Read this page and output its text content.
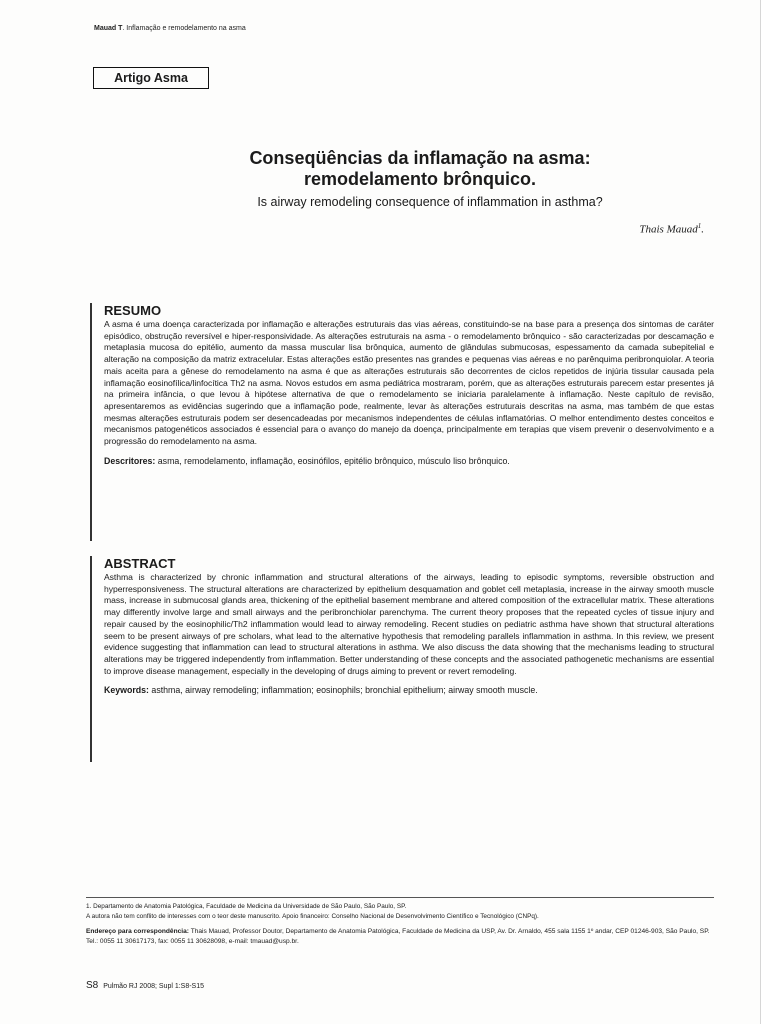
Mauad T. Inflamação e remodelamento na asma
Artigo Asma
Conseqüências da inflamação na asma:
remodelamento brônquico.
Is airway remodeling consequence of inflammation in asthma?
Thais Mauad$^1$.
RESUMO

A asma é uma doença caracterizada por inflamação e alterações estruturais das vias aéreas, constituindo-se na base para a presença dos sintomas de caráter episódico, obstrução reversível e hiper-responsividade. As alterações estruturais na asma - o remodelamento brônquico - são caracterizadas por descamação e metaplasia mucosa do epitélio, aumento da massa muscular lisa brônquica, aumento de glândulas submucosas, espessamento da camada subepitelial e alteração na composição da matriz extracelular. Estas alterações estão presentes nas grandes e pequenas vias aéreas e no parênquima peribronquiolar. A teoria mais aceita para a gênese do remodelamento na asma é que as alterações estruturais são decorrentes de ciclos repetidos de injúria tissular causada pela inflamação eosinofílica/linfocítica Th2 na asma. Novos estudos em asma pediátrica mostraram, porém, que as alterações estruturais parecem estar presentes já na primeira infância, o que levou à hipótese alternativa de que o remodelamento se iniciaria paralelamente à inflamação. Neste capítulo de revisão, apresentaremos as evidências sugerindo que a inflamação pode, realmente, levar às alterações estruturais descritas na asma, mas também de que estas mesmas alterações estruturais podem ser desencadeadas por mecanismos independentes de células inflamatórias. O melhor entendimento destes conceitos e mecanismos patogenéticos associados é essencial para o avanço do manejo da doença, principalmente em terapias que visem prevenir o desenvolvimento e a progressão do remodelamento na asma.

Descritores: asma, remodelamento, inflamação, eosinófilos, epitélio brônquico, músculo liso brônquico.
ABSTRACT

Asthma is characterized by chronic inflammation and structural alterations of the airways, leading to episodic symptoms, reversible obstruction and hyperresponsiveness. The structural alterations are characterized by epithelium desquamation and goblet cell metaplasia, increase in the airway smooth muscle mass, increase in submucosal glands area, thickening of the epithelial basement membrane and altered composition of the extracellular matrix. These alterations may differently involve large and small airways and the peribronchiolar parenchyma. The current theory proposes that the repeated cycles of tissue injury and repair caused by the eosinophilic/Th2 inflammation would lead to airway remodeling. Recent studies on pediatric asthma have shown that structural alterations seem to be present airways of pre scholars, what lead to the alternative hypothesis that remodeling parallels inflammation in asthma. In this review, we present evidence suggesting that inflammation can lead to structural alterations in asthma. We also discuss the data showing that the mechanisms leading to structural alterations may be triggered independently from inflammation. Better understanding of these concepts and the associated pathogenetic mechanisms are essential to improve disease management, especially in the developing of drugs aiming to prevent or revert remodeling.

Keywords: asthma, airway remodeling; inflammation; eosinophils; bronchial epithelium; airway smooth muscle.

1. Departamento de Anatomia Patológica, Faculdade de Medicina da Universidade de São Paulo, São Paulo, SP.

A autora não tem conflito de interesses com o teor deste manuscrito. Apoio financeiro: Conselho Nacional de Desenvolvimento Científico e Tecnológico (CNPq).

Endereço para correspondência: Thais Mauad, Professor Doutor, Departamento de Anatomia Patológica, Faculdade de Medicina da USP, Av. Dr. Arnaldo, 455 sala 1155 1º andar, CEP 01246-903, São Paulo, SP. Tel.: 0055 11 30617173, fax: 0055 11 30628098, e-mail: tmauad@usp.br.

S8 Pulmão RJ 2008; Supl 1:S8-S15
